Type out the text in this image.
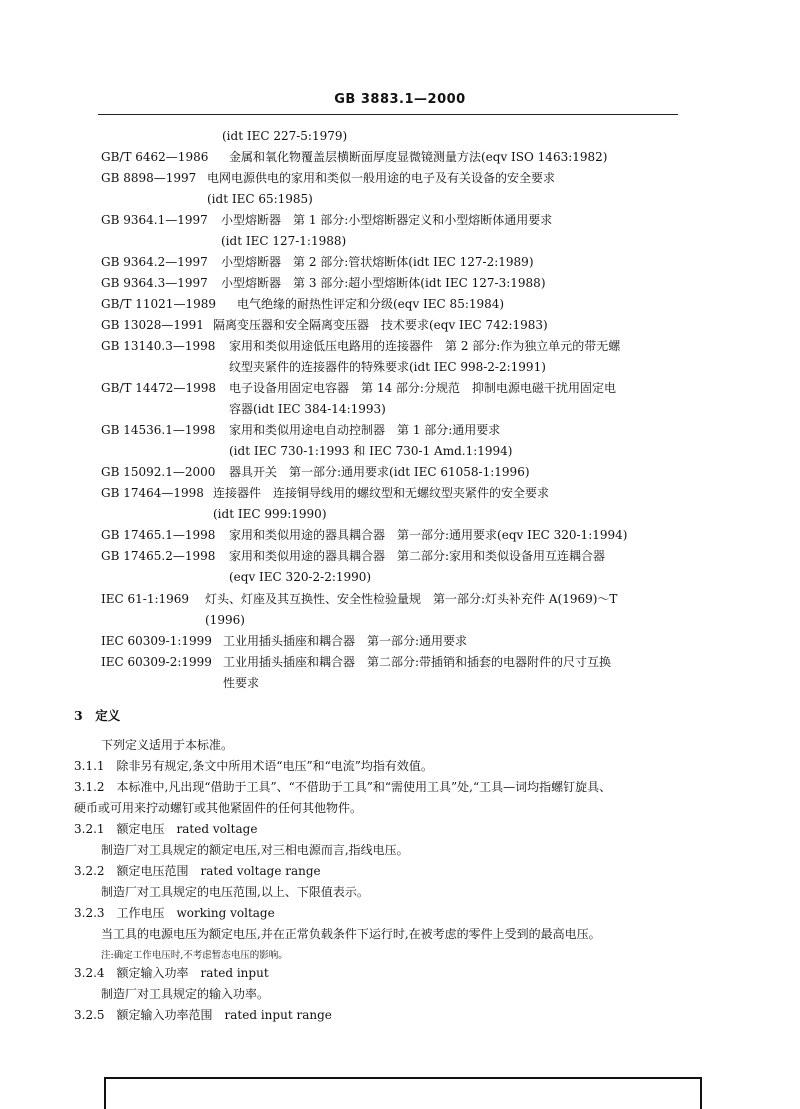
GB 3883.1—2000
(idt IEC 227-5:1979)
GB/T 6462—1986 金属和氧化物覆盖层横断面厚度显微镜测量方法(eqv ISO 1463:1982)
GB 8898—1997 电网电源供电的家用和类似一般用途的电子及有关设备的安全要求
(idt IEC 65:1985)
GB 9364.1—1997 小型熔断器　第 1 部分:小型熔断器定义和小型熔断体通用要求
(idt IEC 127-1:1988)
GB 9364.2—1997 小型熔断器　第 2 部分:管状熔断体(idt IEC 127-2:1989)
GB 9364.3—1997 小型熔断器　第 3 部分:超小型熔断体(idt IEC 127-3:1988)
GB/T 11021—1989 电气绝缘的耐热性评定和分级(eqv IEC 85:1984)
GB 13028—1991 隔离变压器和安全隔离变压器　技术要求(eqv IEC 742:1983)
GB 13140.3—1998 家用和类似用途低压电路用的连接器件　第 2 部分:作为独立单元的带无螺
纹型夹紧件的连接器件的特殊要求(idt IEC 998-2-2:1991)
GB/T 14472—1998 电子设备用固定电容器　第 14 部分:分规范　抑制电源电磁干扰用固定电
容器(idt IEC 384-14:1993)
GB 14536.1—1998 家用和类似用途电自动控制器　第 1 部分:通用要求
(idt IEC 730-1:1993 和 IEC 730-1 Amd.1:1994)
GB 15092.1—2000 器具开关　第一部分:通用要求(idt IEC 61058-1:1996)
GB 17464—1998 连接器件　连接铜导线用的螺纹型和无螺纹型夹紧件的安全要求
(idt IEC 999:1990)
GB 17465.1—1998 家用和类似用途的器具耦合器　第一部分:通用要求(eqv IEC 320-1:1994)
GB 17465.2—1998 家用和类似用途的器具耦合器　第二部分:家用和类似设备用互连耦合器
(eqv IEC 320-2-2:1990)
IEC 61-1:1969 灯头、灯座及其互换性、安全性检验量规　第一部分:灯头补充件 A(1969)～T
(1996)
IEC 60309-1:1999 工业用插头插座和耦合器　第一部分:通用要求
IEC 60309-2:1999 工业用插头插座和耦合器　第二部分:带插销和插套的电器附件的尺寸互换
性要求
3　定义
下列定义适用于本标准。
3.1.1　除非另有规定,条文中所用术语“电压”和“电流”均指有效值。
3.1.2　本标准中,凡出现“借助于工具”、“不借助于工具”和“需使用工具”处,“工具—词均指螺钉旋具、
硬币或可用来拧动螺钉或其他紧固件的任何其他物件。
3.2.1　额定电压　rated voltage
制造厂对工具规定的额定电压,对三相电源而言,指线电压。
3.2.2　额定电压范围　rated voltage range
制造厂对工具规定的电压范围,以上、下限值表示。
3.2.3　工作电压　working voltage
当工具的电源电压为额定电压,并在正常负载条件下运行时,在被考虑的零件上受到的最高电压。
注:确定工作电压时,不考虑暂态电压的影响。
3.2.4　额定输入功率　rated input
制造厂对工具规定的输入功率。
3.2.5　额定输入功率范围　rated input range
